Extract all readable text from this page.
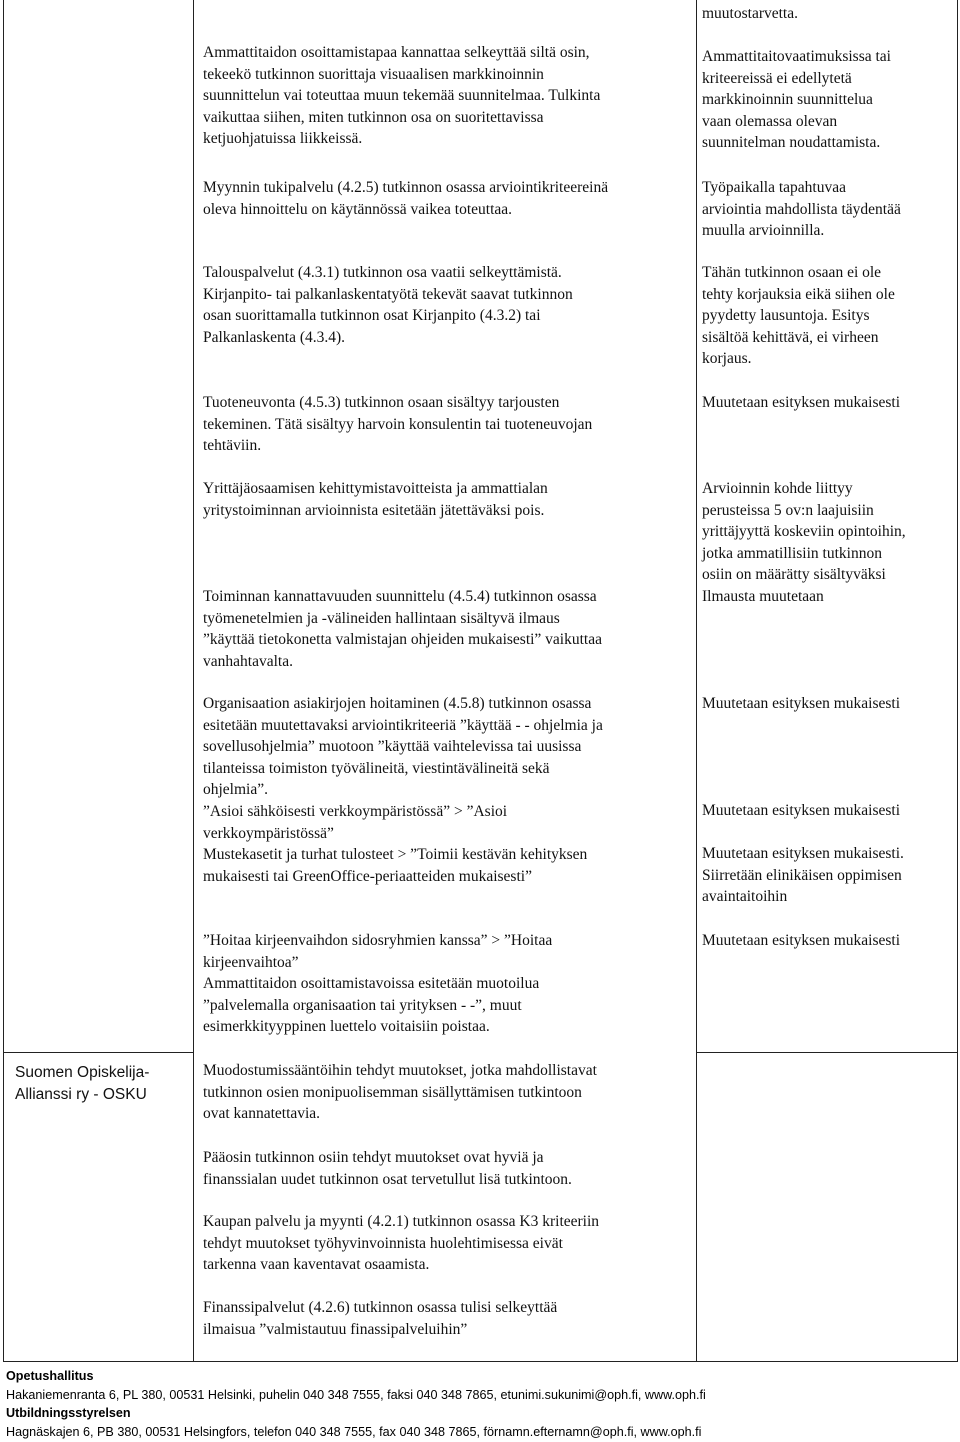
Suomen Opiskelija-
Allianssi ry - OSKU
Ammattitaidon osoittamistapaa kannattaa selkeyttää siltä osin,
tekeekö tutkinnon suorittaja visuaalisen markkinoinnin
suunnittelun vai toteuttaa muun tekemää suunnitelmaa. Tulkinta
vaikuttaa siihen, miten tutkinnon osa on suoritettavissa
ketjuohjatuissa liikkeissä.
Myynnin tukipalvelu (4.2.5) tutkinnon osassa arviointikriteereinä
oleva hinnoittelu on käytännössä vaikea toteuttaa.
Talouspalvelut (4.3.1) tutkinnon osa vaatii selkeyttämistä.
Kirjanpito- tai palkanlaskentatyötä tekevät saavat tutkinnon
osan suorittamalla tutkinnon osat Kirjanpito (4.3.2) tai
Palkanlaskenta (4.3.4).
Tuoteneuvonta (4.5.3) tutkinnon osaan sisältyy tarjousten
tekeminen. Tätä sisältyy harvoin konsulentin tai tuoteneuvojan
tehtäviin.
Yrittäjäosaamisen kehittymistavoitteista ja ammattialan
yritystoiminnan arvioinnista esitetään jätettäväksi pois.
Toiminnan kannattavuuden suunnittelu (4.5.4) tutkinnon osassa
työmenetelmien ja -välineiden hallintaan sisältyvä ilmaus
”käyttää tietokonetta valmistajan ohjeiden mukaisesti” vaikuttaa
vanhahtavalta.
Organisaation asiakirjojen hoitaminen (4.5.8) tutkinnon osassa
esitetään muutettavaksi arviointikriteeriä ”käyttää - - ohjelmia ja
sovellusohjelmia” muotoon ”käyttää vaihtelevissa tai uusissa
tilanteissa toimiston työvälineitä, viestintävälineitä sekä
ohjelmia”.
”Asioi sähköisesti verkkoympäristössä” > ”Asioi
verkkoympäristössä”
Mustekasetit ja turhat tulosteet > ”Toimii kestävän kehityksen
mukaisesti tai GreenOffice-periaatteiden mukaisesti”
”Hoitaa kirjeenvaihdon sidosryhmien kanssa” > ”Hoitaa
kirjeenvaihtoa”
Ammattitaidon osoittamistavoissa esitetään muotoilua
”palvelemalla organisaation tai yrityksen - -”, muut
esimerkkityyppinen luettelo voitaisiin poistaa.
Muodostumissääntöihin tehdyt muutokset, jotka mahdollistavat
tutkinnon osien monipuolisemman sisällyttämisen tutkintoon
ovat kannatettavia.
Pääosin tutkinnon osiin tehdyt muutokset ovat hyviä ja
finanssialan uudet tutkinnon osat tervetullut lisä tutkintoon.
Kaupan palvelu ja myynti (4.2.1) tutkinnon osassa K3 kriteeriin
tehdyt muutokset työhyvinvoinnista huolehtimisessa eivät
tarkenna vaan kaventavat osaamista.
Finanssipalvelut (4.2.6) tutkinnon osassa tulisi selkeyttää
ilmaisua ”valmistautuu finassipalveluihin”
muutostarvetta.
Ammattitaitovaatimuksissa tai
kriteereissä ei edellytetä
markkinoinnin suunnittelua
vaan olemassa olevan
suunnitelman noudattamista.
Työpaikalla tapahtuvaa
arviointia mahdollista täydentää
muulla arvioinnilla.
Tähän tutkinnon osaan ei ole
tehty korjauksia eikä siihen ole
pyydetty lausuntoja. Esitys
sisältöä kehittävä, ei virheen
korjaus.
Muutetaan esityksen mukaisesti
Arvioinnin kohde liittyy
perusteissa 5 ov:n laajuisiin
yrittäjyyttä koskeviin opintoihin,
jotka ammatillisiin tutkinnon
osiin on määrätty sisältyväksi
Ilmausta muutetaan
Muutetaan esityksen mukaisesti
Muutetaan esityksen mukaisesti
Muutetaan esityksen mukaisesti.
Siirretään elinikäisen oppimisen
avaintaitoihin
Muutetaan esityksen mukaisesti
Opetushallitus
Hakaniemenranta 6, PL 380, 00531 Helsinki, puhelin 040 348 7555, faksi 040 348 7865, etunimi.sukunimi@oph.fi, www.oph.fi
Utbildningsstyrelsen
Hagnäskajen 6, PB 380, 00531 Helsingfors, telefon 040 348 7555, fax 040 348 7865, förnamn.efternamn@oph.fi, www.oph.fi
